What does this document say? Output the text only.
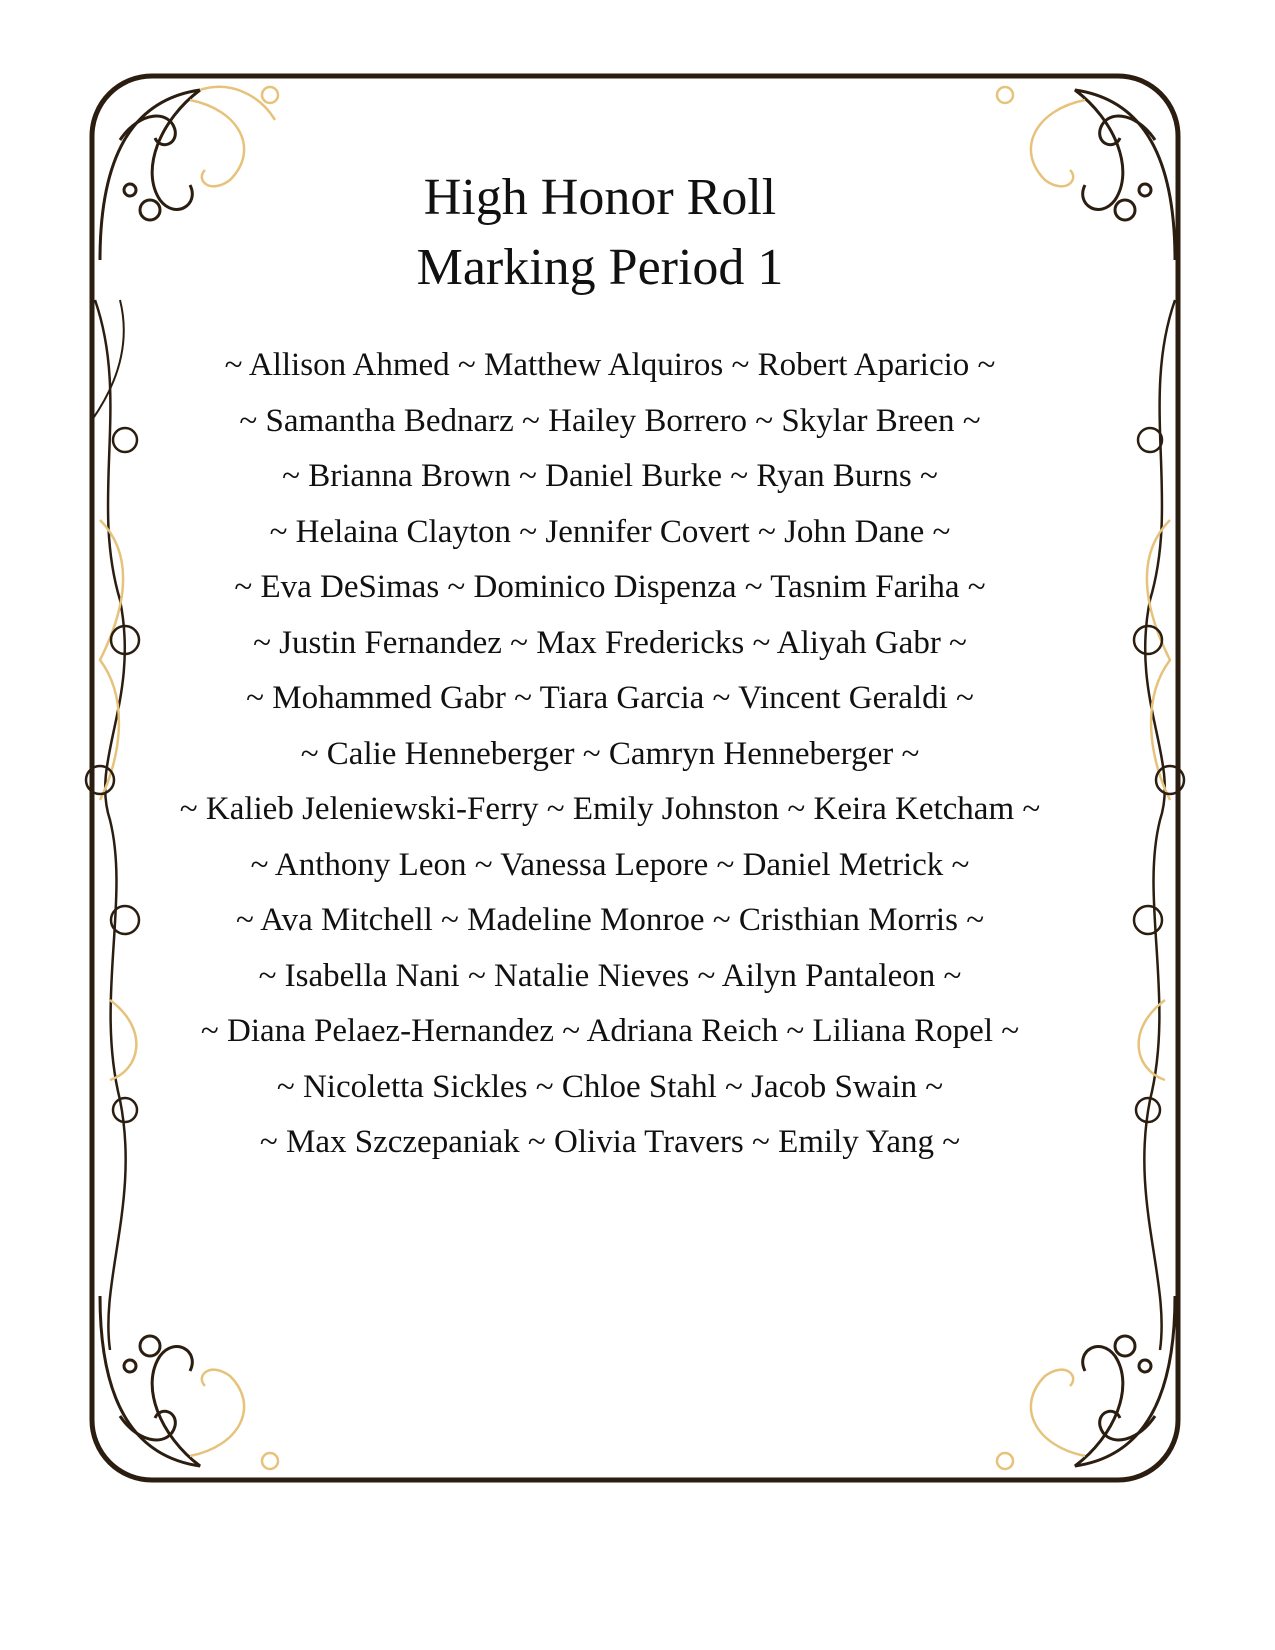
High Honor Roll
Marking Period 1
~ Allison Ahmed ~ Matthew Alquiros ~ Robert Aparicio ~
~ Samantha Bednarz ~ Hailey Borrero ~ Skylar Breen ~
~ Brianna Brown ~ Daniel Burke ~ Ryan Burns ~
~ Helaina Clayton ~ Jennifer Covert ~ John Dane ~
~ Eva DeSimas ~ Dominico Dispenza ~ Tasnim Fariha ~
~ Justin Fernandez ~ Max Fredericks ~ Aliyah Gabr ~
~ Mohammed Gabr ~ Tiara Garcia ~ Vincent Geraldi ~
~ Calie Henneberger ~ Camryn Henneberger ~
~ Kalieb Jeleniewski-Ferry ~ Emily Johnston ~ Keira Ketcham ~
~ Anthony Leon ~ Vanessa Lepore ~ Daniel Metrick ~
~ Ava Mitchell ~ Madeline Monroe ~ Cristhian Morris ~
~ Isabella Nani ~ Natalie Nieves ~ Ailyn Pantaleon ~
~ Diana Pelaez-Hernandez ~ Adriana Reich ~ Liliana Ropel ~
~ Nicoletta Sickles ~ Chloe Stahl ~ Jacob Swain ~
~ Max Szczepaniak ~ Olivia Travers ~ Emily Yang ~
